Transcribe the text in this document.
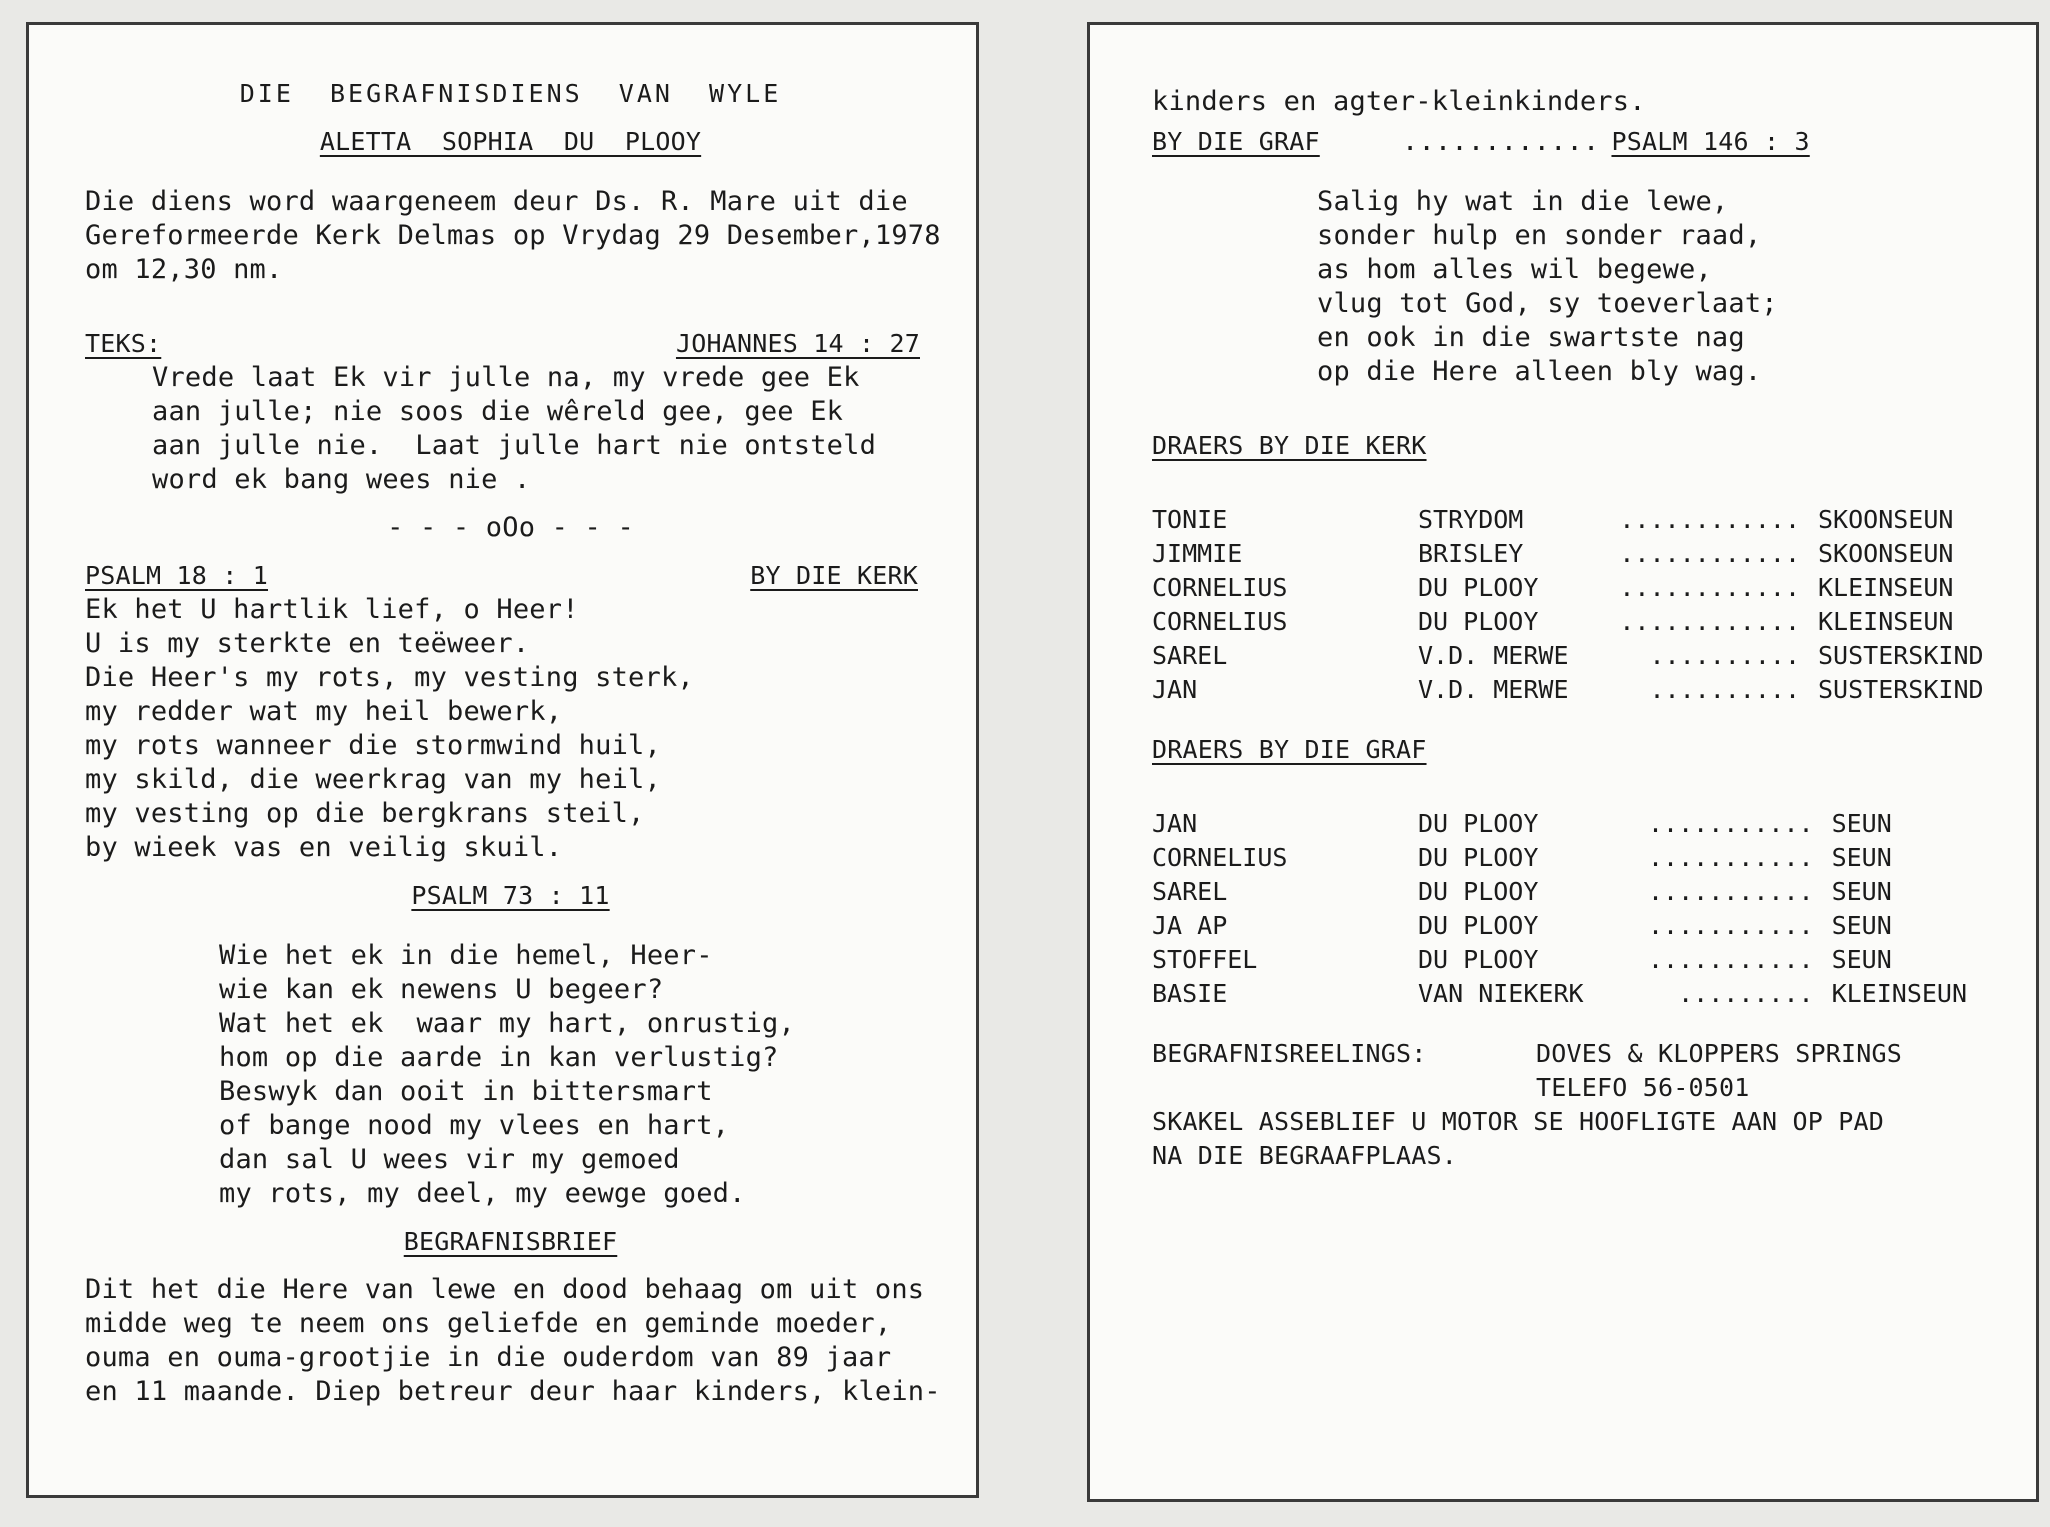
DIE  BEGRAFNISDIENS  VAN  WYLE
ALETTA  SOPHIA  DU  PLOOY
Die diens word waargeneem deur Ds. R. Mare uit die
Gereformeerde Kerk Delmas op Vrydag 29 Desember,1978
om 12,30 nm.
TEKS:	JOHANNES 14 : 27
Vrede laat Ek vir julle na, my vrede gee Ek
aan julle; nie soos die wêreld gee, gee Ek
aan julle nie.  Laat julle hart nie ontsteld
word ek bang wees nie .
- - - oOo - - -
PSALM 18 : 1	BY DIE KERK
Ek het U hartlik lief, o Heer!
U is my sterkte en teëweer.
Die Heer's my rots, my vesting sterk,
my redder wat my heil bewerk,
my rots wanneer die stormwind huil,
my skild, die weerkrag van my heil,
my vesting op die bergkrans steil,
by wieek vas en veilig skuil.
PSALM 73 : 11
Wie het ek in die hemel, Heer-
wie kan ek newens U begeer?
Wat het ek  waar my hart, onrustig,
hom op die aarde in kan verlustig?
Beswyk dan ooit in bittersmart
of bange nood my vlees en hart,
dan sal U wees vir my gemoed
my rots, my deel, my eewge goed.
BEGRAFNISBRIEF
Dit het die Here van lewe en dood behaag om uit ons
midde weg te neem ons geliefde en geminde moeder,
ouma en ouma-grootjie in die ouderdom van 89 jaar
en 11 maande. Diep betreur deur haar kinders, klein-
kinders en agter-kleinkinders.
BY DIE GRAF	............ PSALM 146 : 3
Salig hy wat in die lewe,
sonder hulp en sonder raad,
as hom alles wil begewe,
vlug tot God, sy toeverlaat;
en ook in die swartste nag
op die Here alleen bly wag.
DRAERS BY DIE KERK
TONIE	STRYDOM	............	SKOONSEUN
JIMMIE	BRISLEY	............	SKOONSEUN
CORNELIUS	DU PLOOY	............	KLEINSEUN
CORNELIUS	DU PLOOY	............	KLEINSEUN
SAREL	V.D. MERWE	..........	SUSTERSKIND
JAN	V.D. MERWE	..........	SUSTERSKIND
DRAERS BY DIE GRAF
JAN	DU PLOOY	...........	SEUN
CORNELIUS	DU PLOOY	...........	SEUN
SAREL	DU PLOOY	...........	SEUN
JA AP	DU PLOOY	...........	SEUN
STOFFEL	DU PLOOY	...........	SEUN
BASIE	VAN NIEKERK	.........	KLEINSEUN
BEGRAFNISREELINGS:	DOVES & KLOPPERS SPRINGS
TELEFO 56-0501
SKAKEL ASSEBLIEF U MOTOR SE HOOFLIGTE AAN OP PAD
NA DIE BEGRAAFPLAAS.
